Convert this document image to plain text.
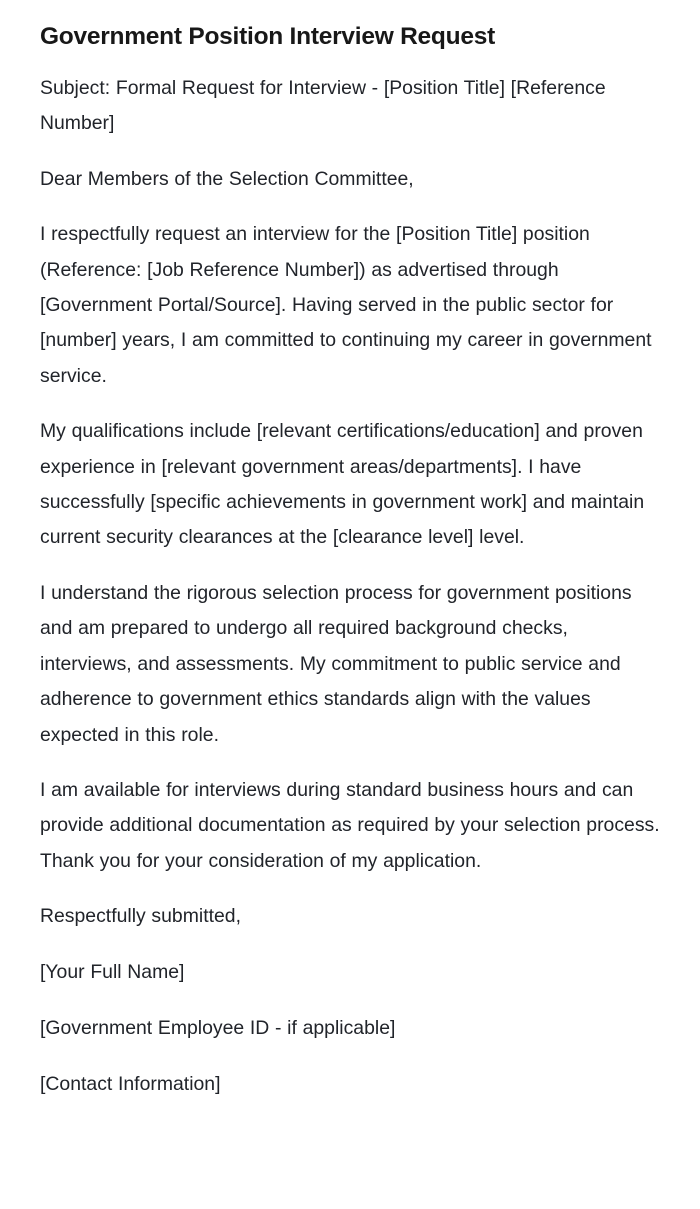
Government Position Interview Request

Subject: Formal Request for Interview - [Position Title] [Reference Number]

Dear Members of the Selection Committee,

I respectfully request an interview for the [Position Title] position (Reference: [Job Reference Number]) as advertised through [Government Portal/Source]. Having served in the public sector for [number] years, I am committed to continuing my career in government service.

My qualifications include [relevant certifications/education] and proven experience in [relevant government areas/departments]. I have successfully [specific achievements in government work] and maintain current security clearances at the [clearance level] level.

I understand the rigorous selection process for government positions and am prepared to undergo all required background checks, interviews, and assessments. My commitment to public service and adherence to government ethics standards align with the values expected in this role.

I am available for interviews during standard business hours and can provide additional documentation as required by your selection process. Thank you for your consideration of my application.

Respectfully submitted,

[Your Full Name]

[Government Employee ID - if applicable]

[Contact Information]
